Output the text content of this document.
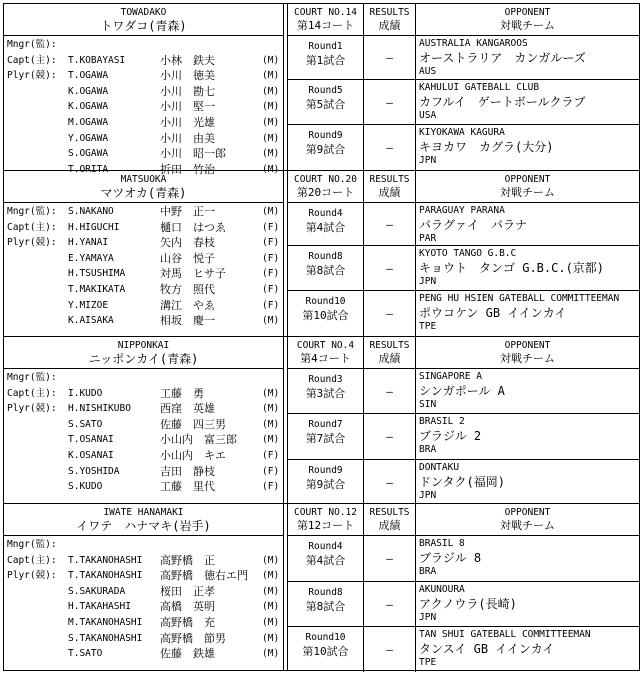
TOWADAKO
トワダコ(青森)
Mngr(監):
Capt(主): T.KOBAYASI	小林　鉄夫	(M)
Plyr(競): T.OGAWA	小川　徳美	(M)
K.OGAWA	小川　勘七	(M)
K.OGAWA	小川　堅一	(M)
M.OGAWA	小川　光雄	(M)
Y.OGAWA	小川　由美	(M)
S.OGAWA	小川　昭一郎	(M)
T.ORITA	折田　竹治	(M)
COURT NO.14
第14コート
RESULTS
成績
OPPONENT
対戦チーム
Round1
第1試合	—
AUSTRALIA KANGAROOS
オーストラリア　カンガルーズ
AUS
Round5
第5試合	—
KAHULUI GATEBALL CLUB
カフルイ　ゲートボールクラブ
USA
Round9
第9試合	—
KIYOKAWA KAGURA
キヨカワ　カグラ(大分)
JPN
MATSUOKA
マツオカ(青森)
Mngr(監): S.NAKANO	中野　正一	(M)
Capt(主): H.HIGUCHI	樋口　はつゑ	(F)
Plyr(競): H.YANAI	矢内　春枝	(F)
E.YAMAYA	山谷　悦子	(F)
H.TSUSHIMA	対馬　ヒサ子	(F)
T.MAKIKATA	牧方　照代	(F)
Y.MIZOE	溝江　やゑ	(F)
K.AISAKA	相坂　慶一	(M)
COURT NO.20
第20コート
RESULTS
成績
OPPONENT
対戦チーム
Round4
第4試合	—
PARAGUAY PARANA
パラグァイ　パラナ
PAR
Round8
第8試合	—
KYOTO TANGO G.B.C
キョウト　タンゴ G.B.C.(京都)
JPN
Round10
第10試合	—
PENG HU HSIEN GATEBALL COMMITTEEMAN
ポウコケン GB イインカイ
TPE
NIPPONKAI
ニッポンカイ(青森)
Mngr(監):
Capt(主): I.KUDO	工藤　勇	(M)
Plyr(競): H.NISHIKUBO	西窪　英雄	(M)
S.SATO	佐藤　四三男	(M)
T.OSANAI	小山内　富三郎	(M)
K.OSANAI	小山内　キエ	(F)
S.YOSHIDA	吉田　静枝	(F)
S.KUDO	工藤　里代	(F)
COURT NO.4
第4コート
RESULTS
成績
OPPONENT
対戦チーム
Round3
第3試合	—
SINGAPORE A
シンガポール A
SIN
Round7
第7試合	—
BRASIL 2
ブラジル 2
BRA
Round9
第9試合	—
DONTAKU
ドンタク(福岡)
JPN
IWATE HANAMAKI
イワテ　ハナマキ(岩手)
Mngr(監):
Capt(主): T.TAKANOHASHI 高野橋　正	(M)
Plyr(競): T.TAKANOHASHI 高野橋　徳右エ門 (M)
S.SAKURADA	桜田　正孝	(M)
H.TAKAHASHI	高橋　英明	(M)
M.TAKANOHASHI 高野橋　充	(M)
S.TAKANOHASHI 高野橋　節男	(M)
T.SATO	佐藤　鉄雄	(M)
COURT NO.12
第12コート
RESULTS
成績
OPPONENT
対戦チーム
Round4
第4試合	—
BRASIL 8
ブラジル 8
BRA
Round8
第8試合	—
AKUNOURA
アクノウラ(長崎)
JPN
Round10
第10試合	—
TAN SHUI GATEBALL COMMITTEEMAN
タンスイ GB イインカイ
TPE
